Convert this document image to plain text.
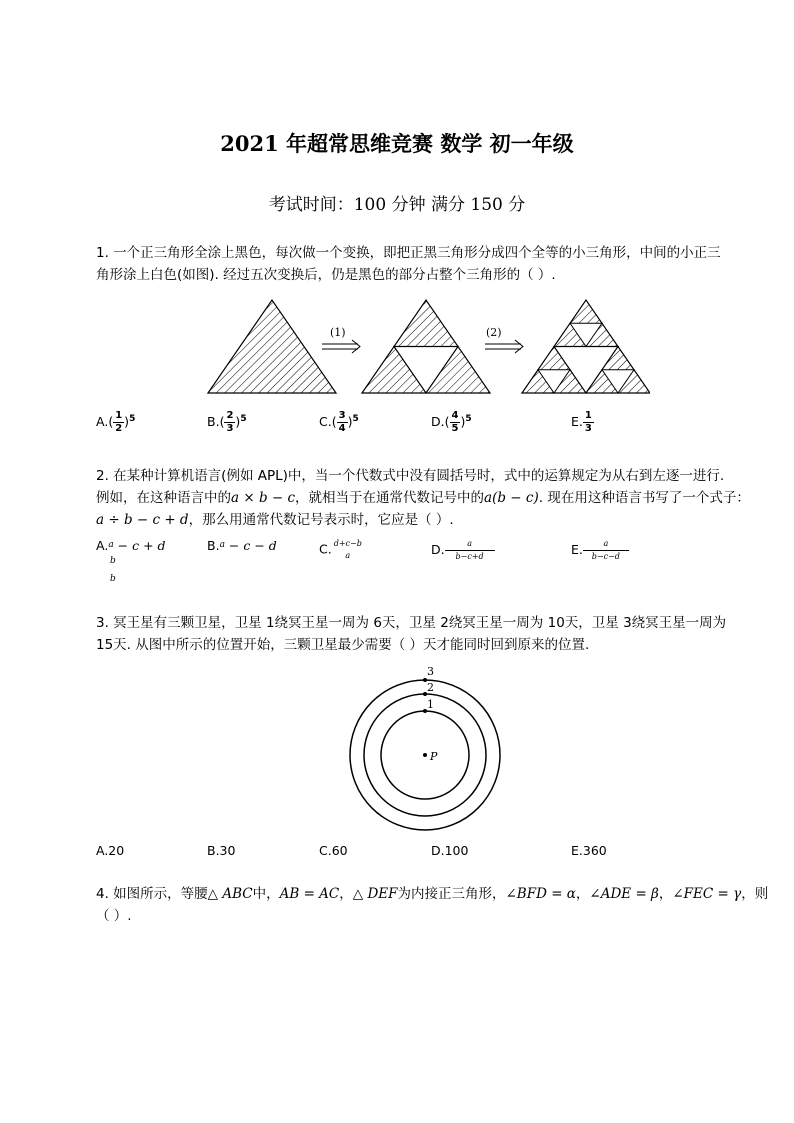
2021 年超常思维竞赛 数学 初一年级
考试时间：100 分钟 满分 150 分
1. 一个正三角形全涂上黑色，每次做一个变换，即把正黑三角形分成四个全等的小三角形，中间的小正三
角形涂上白色(如图). 经过五次变换后，仍是黑色的部分占整个三角形的（ ）.
(1)	(2)
$A.( \frac{1}{2} )^5$	$B.( \frac{2}{3} )^5$	$C.( \frac{3}{4} )^5$	$D.( \frac{4}{5} )^5$	E. $\frac{1}{3}$
2. 在某种计算机语言(例如 APL)中，当一个代数式中没有圆括号时，式中的运算规定为从右到左逐一进行.
例如，在这种语言中的a × b − c，就相当于在通常代数记号中的a(b − c). 现在用这种语言书写了一个式子：
a ÷ b − c + d，那么用通常代数记号表示时，它应是（ ）.
A.$^a$ − c + d
b
b
B.$^a$ − c − d	C. d+c−b
a	D. $\frac{a}{b-c+d}$	E. $\frac{a}{b-c-d}$
3. 冥王星有三颗卫星，卫星 1绕冥王星一周为 6天，卫星 2绕冥王星一周为 10天，卫星 3绕冥王星一周为
15天. 从图中所示的位置开始，三颗卫星最少需要（ ）天才能同时回到原来的位置.
3
2
1
P
A.20	B.30	C.60	D.100	E.360
4. 如图所示，等腰△ ABC中，AB = AC，△ DEF为内接正三角形，∠BFD = α，∠ADE = β，∠FEC = γ，则
（ ）.
